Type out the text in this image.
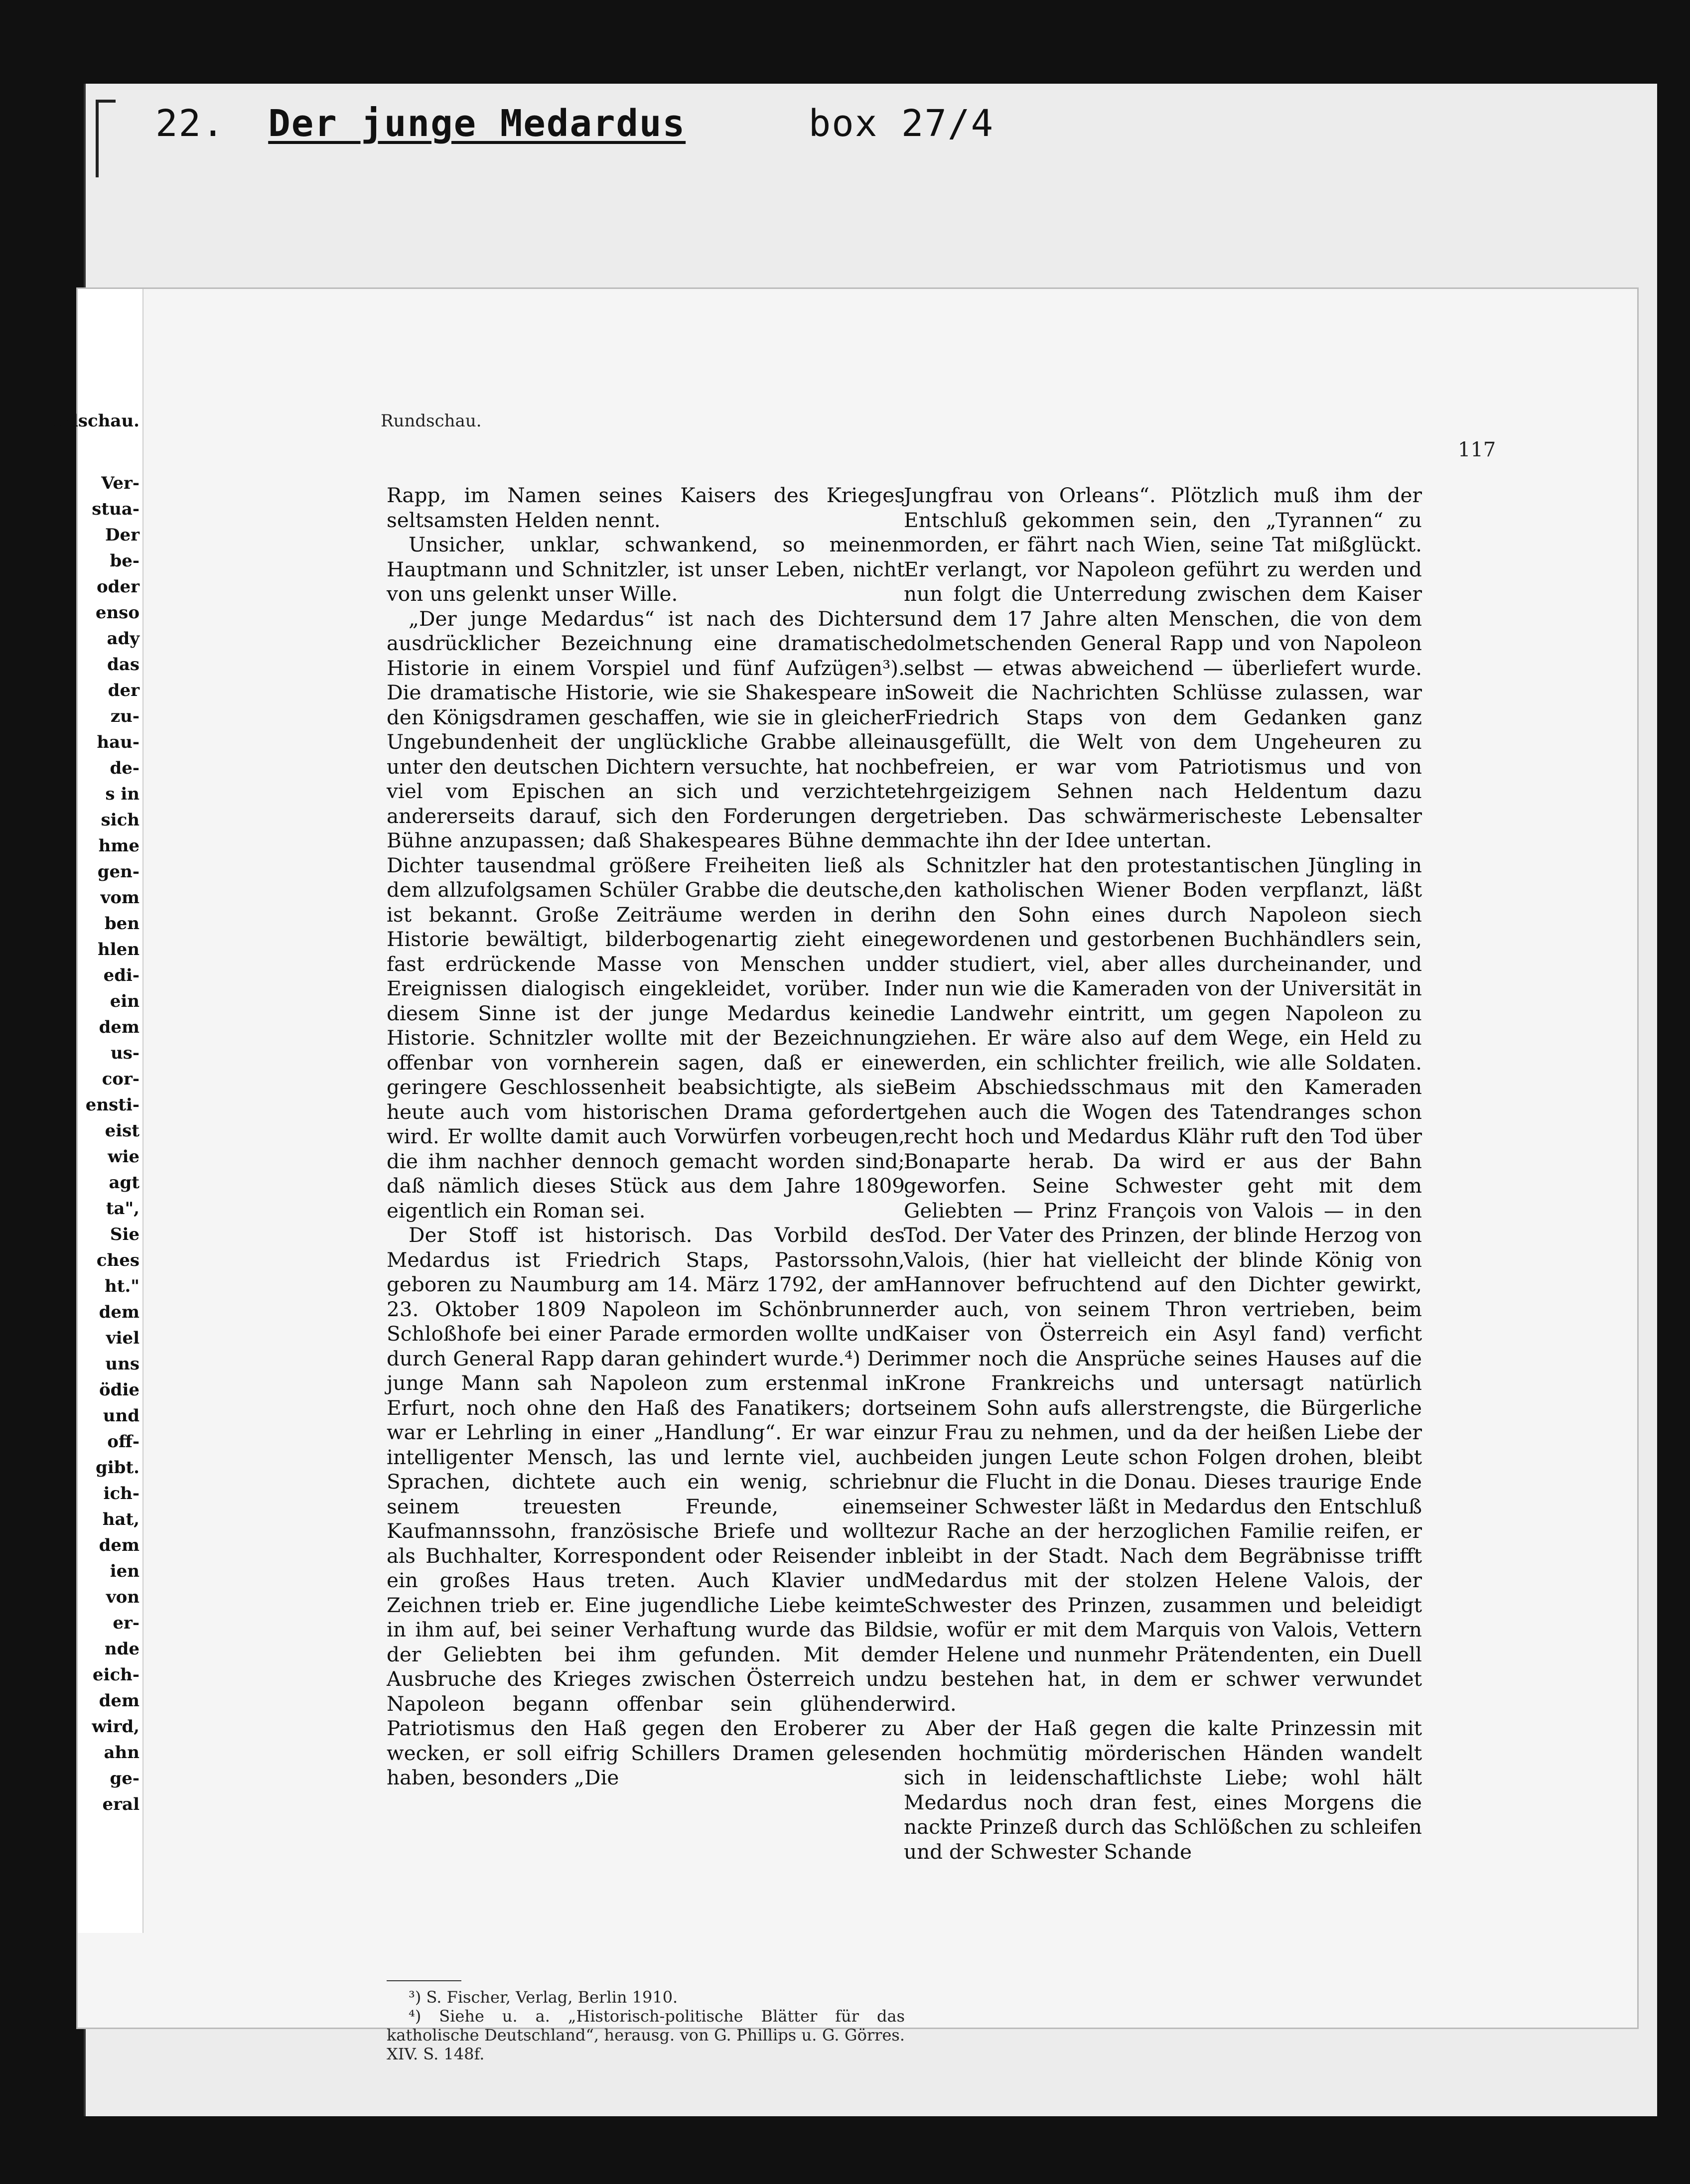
22. Der junge Medardus	box 27/4
Rundschau.
Ver-
stua-
Der
be-
oder
enso
ady
das
der
zu-
hau-
de-
s in
sich
hme
gen-
vom
ben
hlen
edi-
ein
dem
us-
cor-
ensti-
eist
wie
agt
ta",
Sie
ches
ht."
dem
viel
uns
ödie
und
off-
gibt.
ich-
hat,
dem
ien
von
er-
nde
eich-
dem
wird,
ahn
ge-
eral
Rundschau.
117

Rapp, im Namen seines Kaisers des Krieges seltsamsten Helden nennt.

Unsicher, unklar, schwankend, so meinen Hauptmann und Schnitzler, ist unser Leben, nicht von uns gelenkt unser Wille.

„Der junge Medardus“ ist nach des Dichters ausdrücklicher Bezeichnung eine dramatische Historie in einem Vorspiel und fünf Aufzügen³). Die dramatische Historie, wie sie Shakespeare in den Königsdramen geschaffen, wie sie in gleicher Ungebundenheit der unglückliche Grabbe allein unter den deutschen Dichtern versuchte, hat noch viel vom Epischen an sich und verzichtet andererseits darauf, sich den Forderungen der Bühne anzupassen; daß Shakespeares Bühne dem Dichter tausendmal größere Freiheiten ließ als dem allzufolgsamen Schüler Grabbe die deutsche, ist bekannt. Große Zeiträume werden in der Historie bewältigt, bilderbogenartig zieht eine fast erdrückende Masse von Menschen und Ereignissen dialogisch eingekleidet, vorüber. In diesem Sinne ist der junge Medardus keine Historie. Schnitzler wollte mit der Bezeichnung offenbar von vornherein sagen, daß er eine geringere Geschlossenheit beabsichtigte, als sie heute auch vom historischen Drama gefordert wird. Er wollte damit auch Vorwürfen vorbeugen, die ihm nachher dennoch gemacht worden sind; daß nämlich dieses Stück aus dem Jahre 1809 eigentlich ein Roman sei.

Der Stoff ist historisch. Das Vorbild des Medardus ist Friedrich Staps, Pastorssohn, geboren zu Naumburg am 14. März 1792, der am 23. Oktober 1809 Napoleon im Schönbrunner Schloßhofe bei einer Parade ermorden wollte und durch General Rapp daran gehindert wurde.⁴) Der junge Mann sah Napoleon zum erstenmal in Erfurt, noch ohne den Haß des Fanatikers; dort war er Lehrling in einer „Handlung“. Er war ein intelligenter Mensch, las und lernte viel, auch Sprachen, dichtete auch ein wenig, schrieb seinem treuesten Freunde, einem Kaufmannssohn, französische Briefe und wollte als Buchhalter, Korrespondent oder Reisender in ein großes Haus treten. Auch Klavier und Zeichnen trieb er. Eine jugendliche Liebe keimte in ihm auf, bei seiner Verhaftung wurde das Bild der Geliebten bei ihm gefunden. Mit dem Ausbruche des Krieges zwischen Österreich und Napoleon begann offenbar sein glühender Patriotismus den Haß gegen den Eroberer zu wecken, er soll eifrig Schillers Dramen gelesen haben, besonders „Die

Jungfrau von Orleans“. Plötzlich muß ihm der Entschluß gekommen sein, den „Tyrannen“ zu morden, er fährt nach Wien, seine Tat mißglückt. Er verlangt, vor Napoleon geführt zu werden und nun folgt die Unterredung zwischen dem Kaiser und dem 17 Jahre alten Menschen, die von dem dolmetschenden General Rapp und von Napoleon selbst — etwas abweichend — überliefert wurde. Soweit die Nachrichten Schlüsse zulassen, war Friedrich Staps von dem Gedanken ganz ausgefüllt, die Welt von dem Ungeheuren zu befreien, er war vom Patriotismus und von ehrgeizigem Sehnen nach Heldentum dazu getrieben. Das schwärmerischeste Lebensalter machte ihn der Idee untertan.

Schnitzler hat den protestantischen Jüngling in den katholischen Wiener Boden verpflanzt, läßt ihn den Sohn eines durch Napoleon siech gewordenen und gestorbenen Buchhändlers sein, der studiert, viel, aber alles durcheinander, und der nun wie die Kameraden von der Universität in die Landwehr eintritt, um gegen Napoleon zu ziehen. Er wäre also auf dem Wege, ein Held zu werden, ein schlichter freilich, wie alle Soldaten. Beim Abschiedsschmaus mit den Kameraden gehen auch die Wogen des Tatendranges schon recht hoch und Medardus Klähr ruft den Tod über Bonaparte herab. Da wird er aus der Bahn geworfen. Seine Schwester geht mit dem Geliebten — Prinz François von Valois — in den Tod. Der Vater des Prinzen, der blinde Herzog von Valois, (hier hat vielleicht der blinde König von Hannover befruchtend auf den Dichter gewirkt, der auch, von seinem Thron vertrieben, beim Kaiser von Österreich ein Asyl fand) verficht immer noch die Ansprüche seines Hauses auf die Krone Frankreichs und untersagt natürlich seinem Sohn aufs allerstrengste, die Bürgerliche zur Frau zu nehmen, und da der heißen Liebe der beiden jungen Leute schon Folgen drohen, bleibt nur die Flucht in die Donau. Dieses traurige Ende seiner Schwester läßt in Medardus den Entschluß zur Rache an der herzoglichen Familie reifen, er bleibt in der Stadt. Nach dem Begräbnisse trifft Medardus mit der stolzen Helene Valois, der Schwester des Prinzen, zusammen und beleidigt sie, wofür er mit dem Marquis von Valois, Vettern der Helene und nunmehr Prätendenten, ein Duell zu bestehen hat, in dem er schwer verwundet wird.

Aber der Haß gegen die kalte Prinzessin mit den hochmütig mörderischen Händen wandelt sich in leidenschaftlichste Liebe; wohl hält Medardus noch dran fest, eines Morgens die nackte Prinzeß durch das Schlößchen zu schleifen und der Schwester Schande

³) S. Fischer, Verlag, Berlin 1910.

⁴) Siehe u. a. „Historisch-politische Blätter für das katholische Deutschland“, herausg. von G. Phillips u. G. Görres. XIV. S. 148f.
